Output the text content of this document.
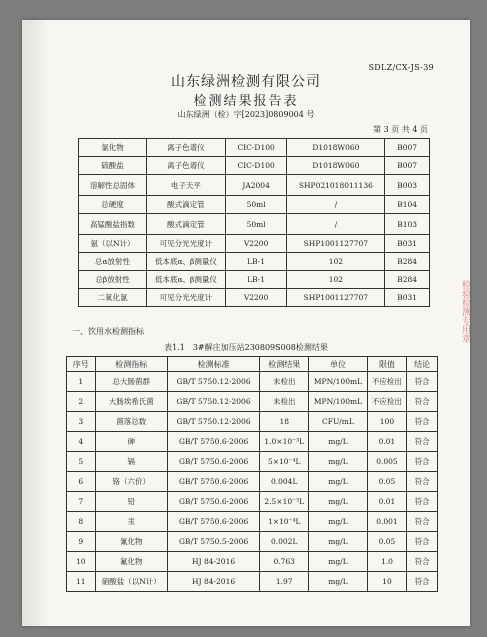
检验检测专用章
SDLZ/CX-JS-39
山东绿洲检测有限公司
检测结果报告表
山东绿洲（检）字[2023]0809004 号
第 3 页 共 4 页
氯化物	离子色谱仪	CIC-D100	D1018W060	B007
硫酸盐	离子色谱仪	CIC-D100	D1018W060	B007
溶解性总固体	电子天平	JA2004	SHP021018011136	B003
总硬度	酸式滴定管	50ml	/	B104
高锰酸盐指数	酸式滴定管	50ml	/	B103
氨（以N计）	可见分光光度计	V2200	SHP1001127707	B031
总α放射性	低本底α、β测量仪	LB-1	102	B284
总β放射性	低本底α、β测量仪	LB-1	102	B284
二氧化氯	可见分光光度计	V2200	SHP1001127707	B031
一、饮用水检测指标
表1.1　3#解庄加压站230809S008检测结果
序号	检测指标	检测标准	检测结果	单位	限值	结论
1	总大肠菌群	GB/T 5750.12-2006	未检出	MPN/100mL	不应检出	符合
2	大肠埃希氏菌	GB/T 5750.12-2006	未检出	MPN/100mL	不应检出	符合
3	菌落总数	GB/T 5750.12-2006	18	CFU/mL	100	符合
4	砷	GB/T 5750.6-2006	1.0×10⁻³L	mg/L	0.01	符合
5	镉	GB/T 5750.6-2006	5×10⁻⁴L	mg/L	0.005	符合
6	铬（六价）	GB/T 5750.6-2006	0.004L	mg/L	0.05	符合
7	铅	GB/T 5750.6-2006	2.5×10⁻³L	mg/L	0.01	符合
8	汞	GB/T 5750.6-2006	1×10⁻⁴L	mg/L	0.001	符合
9	氰化物	GB/T 5750.5-2006	0.002L	mg/L	0.05	符合
10	氟化物	HJ 84-2016	0.763	mg/L	1.0	符合
11	硝酸盐（以N计）	HJ 84-2016	1.97	mg/L	10	符合
